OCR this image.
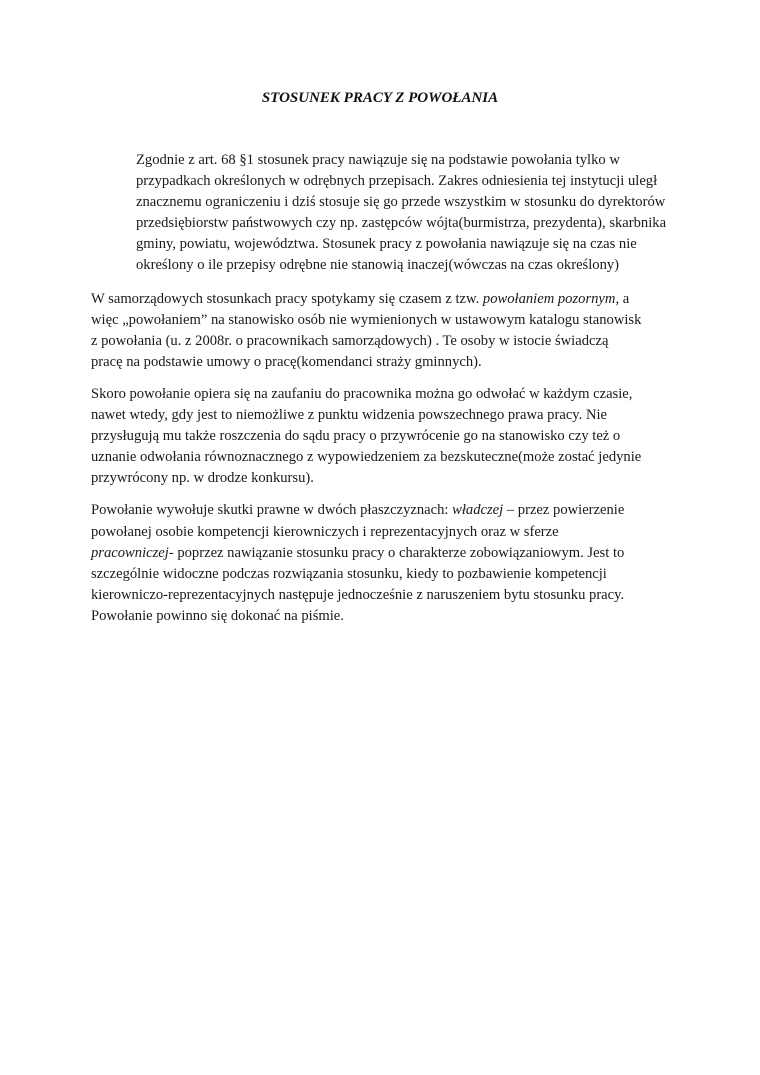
STOSUNEK PRACY Z POWOŁANIA

Zgodnie z art. 68 §1 stosunek pracy nawiązuje się na podstawie powołania tylko w
przypadkach określonych w odrębnych przepisach. Zakres odniesienia tej instytucji uległ
znacznemu ograniczeniu i dziś stosuje się go przede wszystkim w stosunku do dyrektorów
przedsiębiorstw państwowych czy np. zastępców wójta(burmistrza, prezydenta), skarbnika
gminy, powiatu, województwa. Stosunek pracy z powołania nawiązuje się na czas nie
określony o ile przepisy odrębne nie stanowią inaczej(wówczas na czas określony)

W samorządowych stosunkach pracy spotykamy się czasem z tzw. powołaniem pozornym, a
więc „powołaniem” na stanowisko osób nie wymienionych w ustawowym katalogu stanowisk
z powołania (u. z 2008r. o pracownikach samorządowych) . Te osoby w istocie świadczą
pracę na podstawie umowy o pracę(komendanci straży gminnych).

Skoro powołanie opiera się na zaufaniu do pracownika można go odwołać w każdym czasie,
nawet wtedy, gdy jest to niemożliwe z punktu widzenia powszechnego prawa pracy. Nie
przysługują mu także roszczenia do sądu pracy o przywrócenie go na stanowisko czy też o
uznanie odwołania równoznacznego z wypowiedzeniem za bezskuteczne(może zostać jedynie
przywrócony np. w drodze konkursu).

Powołanie wywołuje skutki prawne w dwóch płaszczyznach: władczej – przez powierzenie
powołanej osobie kompetencji kierowniczych i reprezentacyjnych oraz w sferze
pracowniczej- poprzez nawiązanie stosunku pracy o charakterze zobowiązaniowym. Jest to
szczególnie widoczne podczas rozwiązania stosunku, kiedy to pozbawienie kompetencji
kierowniczo-reprezentacyjnych następuje jednocześnie z naruszeniem bytu stosunku pracy.
Powołanie powinno się dokonać na piśmie.
